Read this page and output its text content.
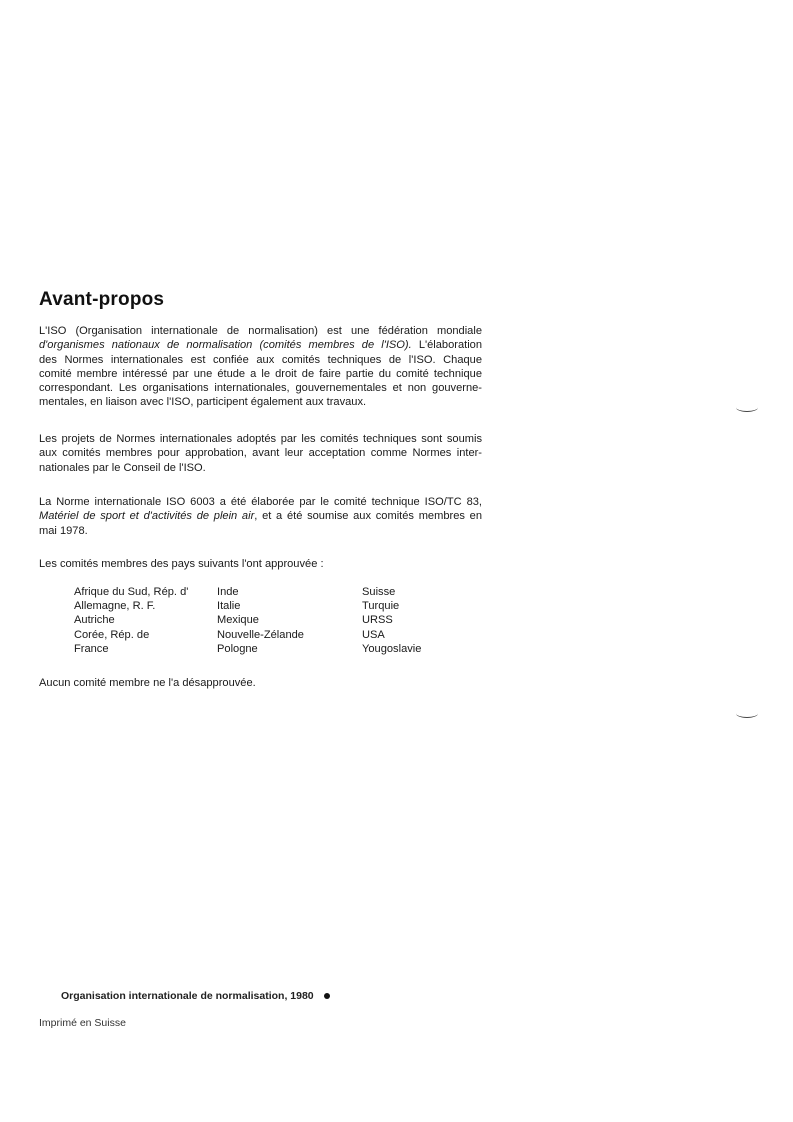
Avant-propos
L'ISO (Organisation internationale de normalisation) est une fédération mondiale
d'organismes nationaux de normalisation (comités membres de l'ISO). L'élaboration
des Normes internationales est confiée aux comités techniques de l'ISO. Chaque
comité membre intéressé par une étude a le droit de faire partie du comité technique
correspondant. Les organisations internationales, gouvernementales et non gouverne-
mentales, en liaison avec l'ISO, participent également aux travaux.
Les projets de Normes internationales adoptés par les comités techniques sont soumis
aux comités membres pour approbation, avant leur acceptation comme Normes inter-
nationales par le Conseil de l'ISO.
La Norme internationale ISO 6003 a été élaborée par le comité technique ISO/TC 83,
Matériel de sport et d'activités de plein air, et a été soumise aux comités membres en
mai 1978.
Les comités membres des pays suivants l'ont approuvée :
Afrique du Sud, Rép. d'
Allemagne, R. F.
Autriche
Corée, Rép. de
France
Inde
Italie
Mexique
Nouvelle-Zélande
Pologne
Suisse
Turquie
URSS
USA
Yougoslavie
Aucun comité membre ne l'a désapprouvée.
Organisation internationale de normalisation, 1980
Imprimé en Suisse
